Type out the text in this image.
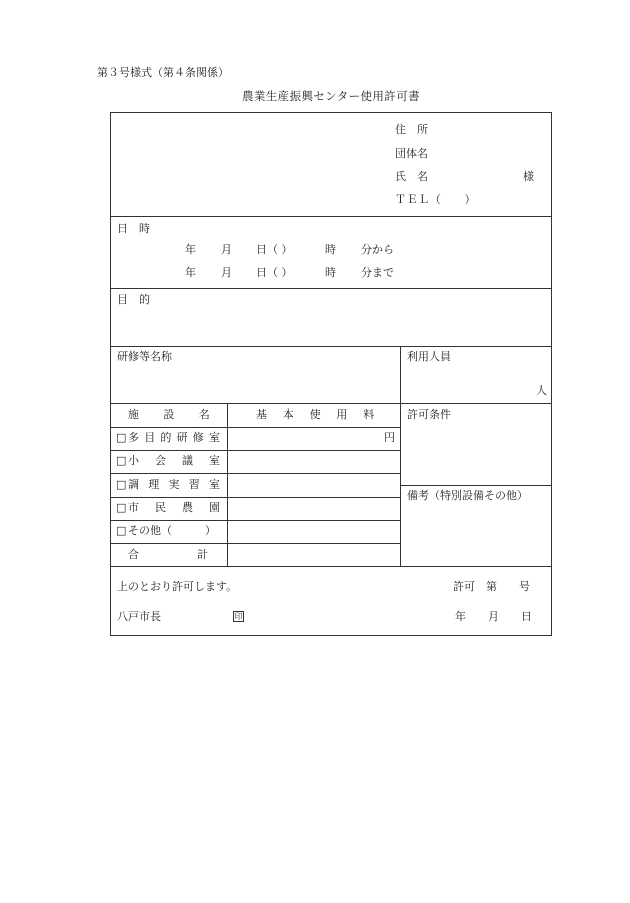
第３号様式（第４条関係）
農業生産振興センター使用許可書
住　所
団体名
氏　名	様
ＴＥＬ（　　）
日　時
年 月 日（ ）	時 分から
年 月 日（ ）	時 分まで
目　的
研修等名称	利用人員
人
施　　設　　名	基　本　使　用　料	許可条件
□ 多目的研修室	円
□ 小　会　議　室
□ 調理実習室
□ 市　民　農　園
□ その他（　　　）
合　　　計
備考（特別設備その他）
上のとおり許可します。	許可　第　　号
八戸市長	印	年　　月　　日
